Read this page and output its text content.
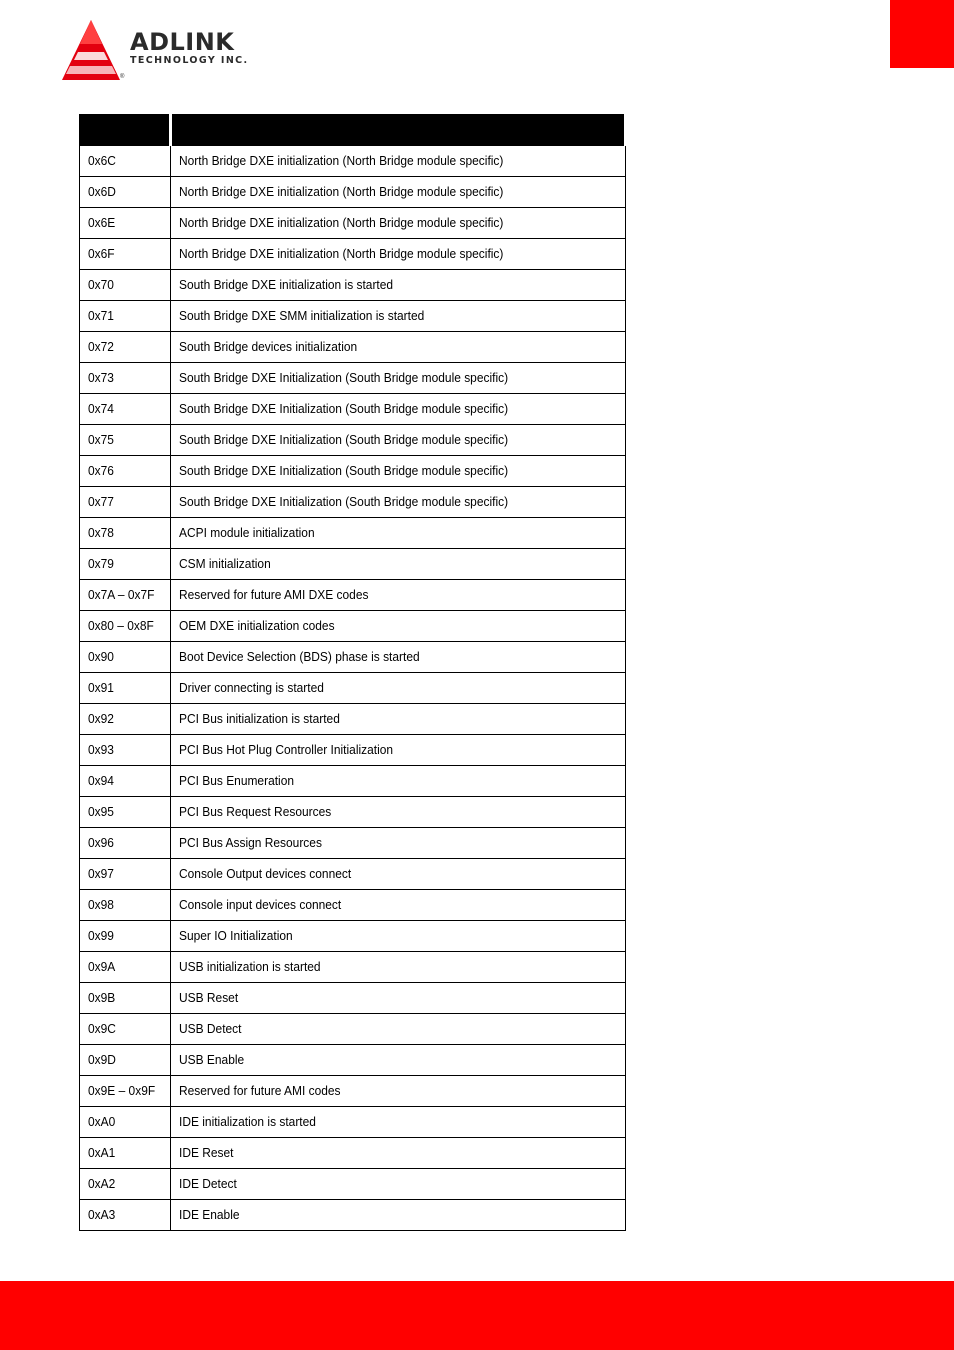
ADLINK
TECHNOLOGY INC.
®

0x6C	North Bridge DXE initialization (North Bridge module specific)
0x6D	North Bridge DXE initialization (North Bridge module specific)
0x6E	North Bridge DXE initialization (North Bridge module specific)
0x6F	North Bridge DXE initialization (North Bridge module specific)
0x70	South Bridge DXE initialization is started
0x71	South Bridge DXE SMM initialization is started
0x72	South Bridge devices initialization
0x73	South Bridge DXE Initialization (South Bridge module specific)
0x74	South Bridge DXE Initialization (South Bridge module specific)
0x75	South Bridge DXE Initialization (South Bridge module specific)
0x76	South Bridge DXE Initialization (South Bridge module specific)
0x77	South Bridge DXE Initialization (South Bridge module specific)
0x78	ACPI module initialization
0x79	CSM initialization
0x7A – 0x7F	Reserved for future AMI DXE codes
0x80 – 0x8F	OEM DXE initialization codes
0x90	Boot Device Selection (BDS) phase is started
0x91	Driver connecting is started
0x92	PCI Bus initialization is started
0x93	PCI Bus Hot Plug Controller Initialization
0x94	PCI Bus Enumeration
0x95	PCI Bus Request Resources
0x96	PCI Bus Assign Resources
0x97	Console Output devices connect
0x98	Console input devices connect
0x99	Super IO Initialization
0x9A	USB initialization is started
0x9B	USB Reset
0x9C	USB Detect
0x9D	USB Enable
0x9E – 0x9F	Reserved for future AMI codes
0xA0	IDE initialization is started
0xA1	IDE Reset
0xA2	IDE Detect
0xA3	IDE Enable
